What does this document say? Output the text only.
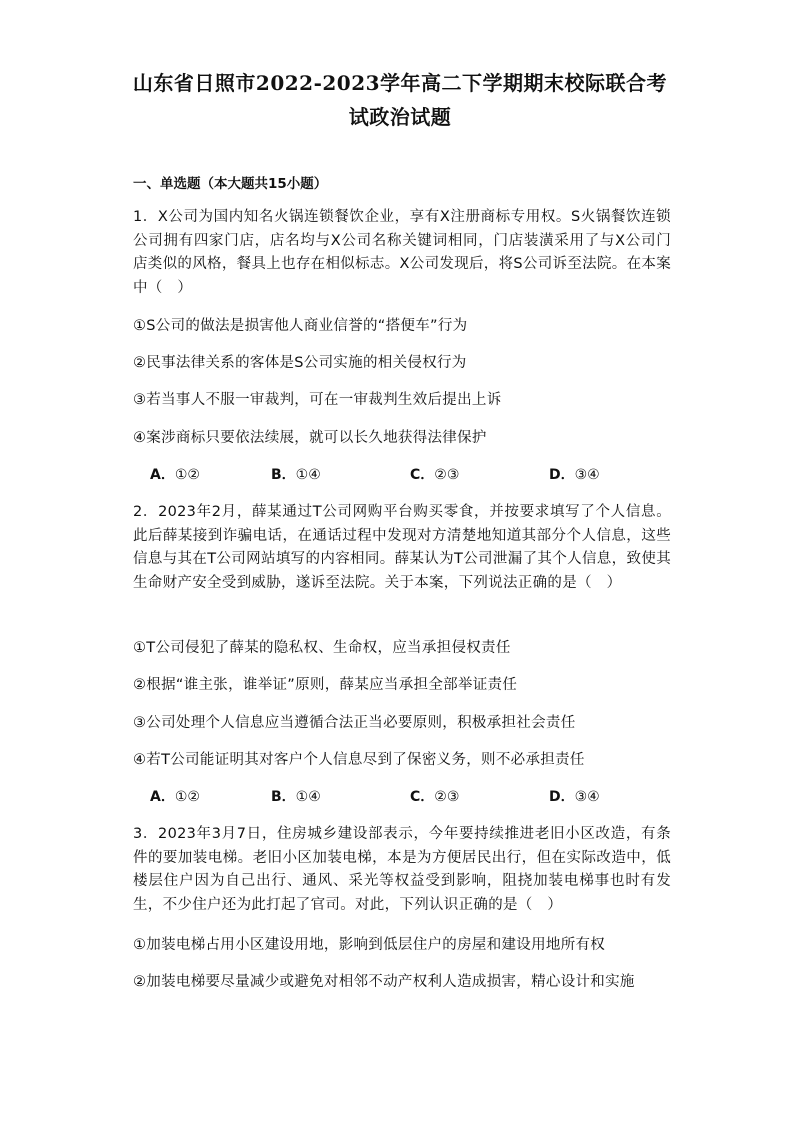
山东省日照市2022-2023学年高二下学期期末校际联合考试政治试题
一、单选题（本大题共15小题）
1．X公司为国内知名火锅连锁餐饮企业，享有X注册商标专用权。S火锅餐饮连锁公司拥有四家门店，店名均与X公司名称关键词相同，门店装潢采用了与X公司门店类似的风格，餐具上也存在相似标志。X公司发现后，将S公司诉至法院。在本案中（　）
①S公司的做法是损害他人商业信誉的“搭便车”行为
②民事法律关系的客体是S公司实施的相关侵权行为
③若当事人不服一审裁判，可在一审裁判生效后提出上诉
④案涉商标只要依法续展，就可以长久地获得法律保护
A．①②	B．①④	C．②③	D．③④
2．2023年2月，薛某通过T公司网购平台购买零食，并按要求填写了个人信息。此后薛某接到诈骗电话，在通话过程中发现对方清楚地知道其部分个人信息，这些信息与其在T公司网站填写的内容相同。薛某认为T公司泄漏了其个人信息，致使其生命财产安全受到威胁，遂诉至法院。关于本案，下列说法正确的是（　）
①T公司侵犯了薛某的隐私权、生命权，应当承担侵权责任
②根据“谁主张，谁举证”原则，薛某应当承担全部举证责任
③公司处理个人信息应当遵循合法正当必要原则，积极承担社会责任
④若T公司能证明其对客户个人信息尽到了保密义务，则不必承担责任
A．①②	B．①④	C．②③	D．③④
3．2023年3月7日，住房城乡建设部表示，今年要持续推进老旧小区改造，有条件的要加装电梯。老旧小区加装电梯，本是为方便居民出行，但在实际改造中，低楼层住户因为自己出行、通风、采光等权益受到影响，阻挠加装电梯事也时有发生，不少住户还为此打起了官司。对此，下列认识正确的是（　）
①加装电梯占用小区建设用地，影响到低层住户的房屋和建设用地所有权
②加装电梯要尽量减少或避免对相邻不动产权利人造成损害，精心设计和实施
